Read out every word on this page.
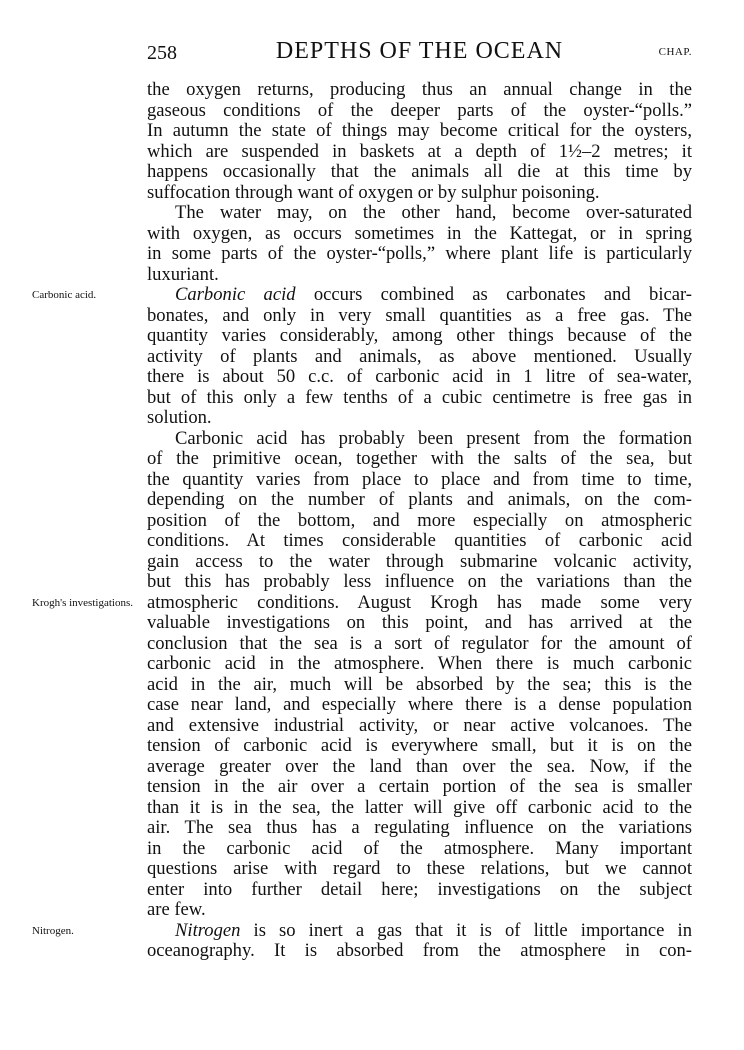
258	DEPTHS OF THE OCEAN	CHAP.
the oxygen returns, producing thus an annual change in the
gaseous conditions of the deeper parts of the oyster-“polls.”
In autumn the state of things may become critical for the oysters,
which are suspended in baskets at a depth of 1½–2 metres; it
happens occasionally that the animals all die at this time by
suffocation through want of oxygen or by sulphur poisoning.
The water may, on the other hand, become over-saturated
with oxygen, as occurs sometimes in the Kattegat, or in spring
in some parts of the oyster-“polls,” where plant life is particularly
luxuriant.
Carbonic acid occurs combined as carbonates and bicar-
Carbonic acid.
bonates, and only in very small quantities as a free gas. The
quantity varies considerably, among other things because of the
activity of plants and animals, as above mentioned. Usually
there is about 50 c.c. of carbonic acid in 1 litre of sea-water,
but of this only a few tenths of a cubic centimetre is free gas in
solution.
Carbonic acid has probably been present from the formation
of the primitive ocean, together with the salts of the sea, but
the quantity varies from place to place and from time to time,
depending on the number of plants and animals, on the com-
position of the bottom, and more especially on atmospheric
conditions. At times considerable quantities of carbonic acid
gain access to the water through submarine volcanic activity,
but this has probably less influence on the variations than the
atmospheric conditions. August Krogh has made some very
Krogh's investigations.
valuable investigations on this point, and has arrived at the
conclusion that the sea is a sort of regulator for the amount of
carbonic acid in the atmosphere. When there is much carbonic
acid in the air, much will be absorbed by the sea; this is the
case near land, and especially where there is a dense population
and extensive industrial activity, or near active volcanoes. The
tension of carbonic acid is everywhere small, but it is on the
average greater over the land than over the sea. Now, if the
tension in the air over a certain portion of the sea is smaller
than it is in the sea, the latter will give off carbonic acid to the
air. The sea thus has a regulating influence on the variations
in the carbonic acid of the atmosphere. Many important
questions arise with regard to these relations, but we cannot
enter into further detail here; investigations on the subject
are few.
Nitrogen is so inert a gas that it is of little importance in
Nitrogen.
oceanography. It is absorbed from the atmosphere in con-
